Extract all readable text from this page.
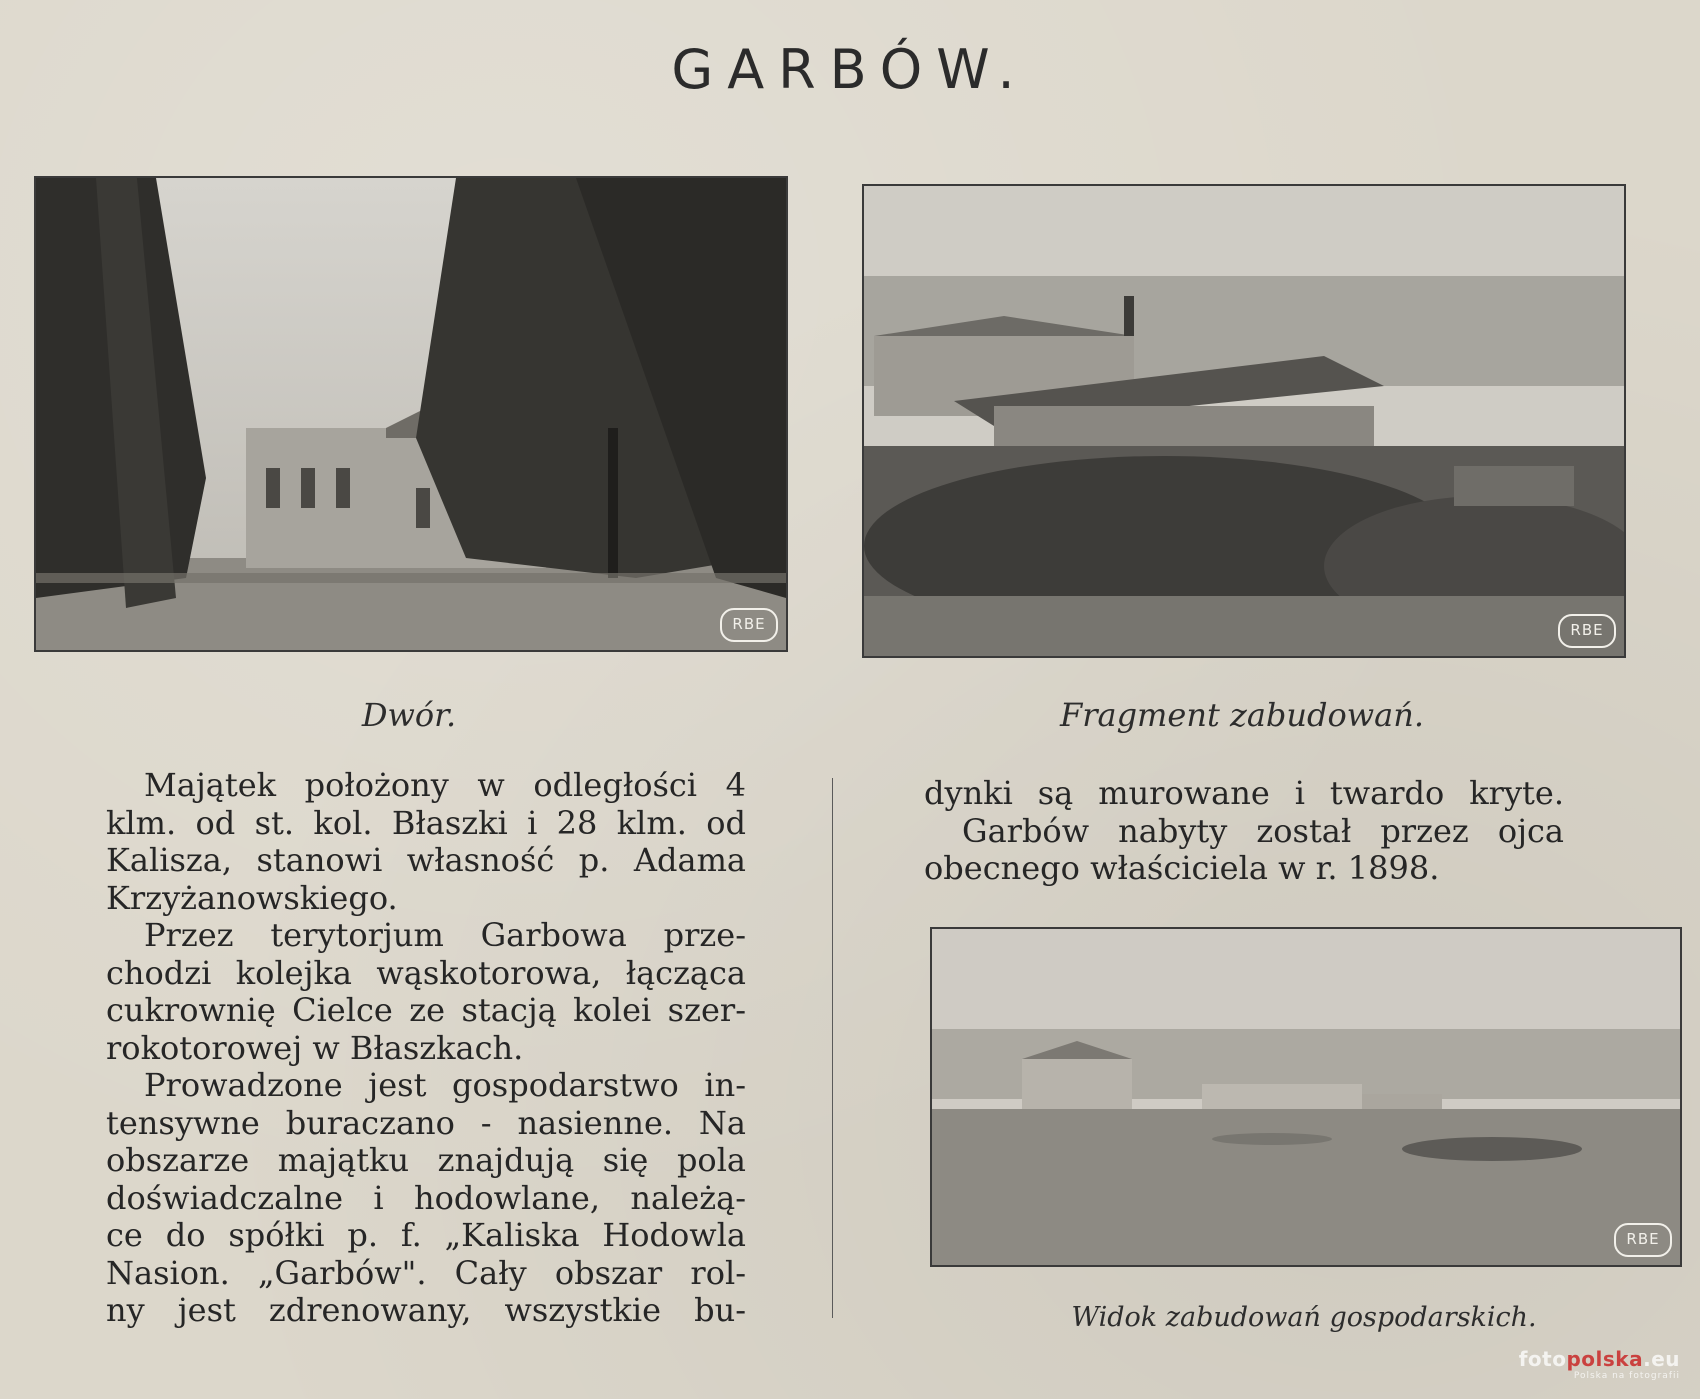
GARBÓW.
RBE	RBE
RBE
Dwór.	Fragment zabudowań.
Widok zabudowań gospodarskich.

Majątek położony w odległości 4

klm. od st. kol. Błaszki i 28 klm. od

Kalisza, stanowi własność p. Adama

Krzyżanowskiego.

Przez terytorjum Garbowa prze-

chodzi kolejka wąskotorowa, łącząca

cukrownię Cielce ze stacją kolei szer-

rokotorowej w Błaszkach.

Prowadzone jest gospodarstwo in-

tensywne buraczano - nasienne. Na

obszarze majątku znajdują się pola

doświadczalne i hodowlane, należą-

ce do spółki p. f. „Kaliska Hodowla

Nasion. „Garbów". Cały obszar rol-

ny jest zdrenowany, wszystkie bu-

dynki są murowane i twardo kryte.

Garbów nabyty został przez ojca

obecnego właściciela w r. 1898.

fotopolska.eu
Polska na fotografii
